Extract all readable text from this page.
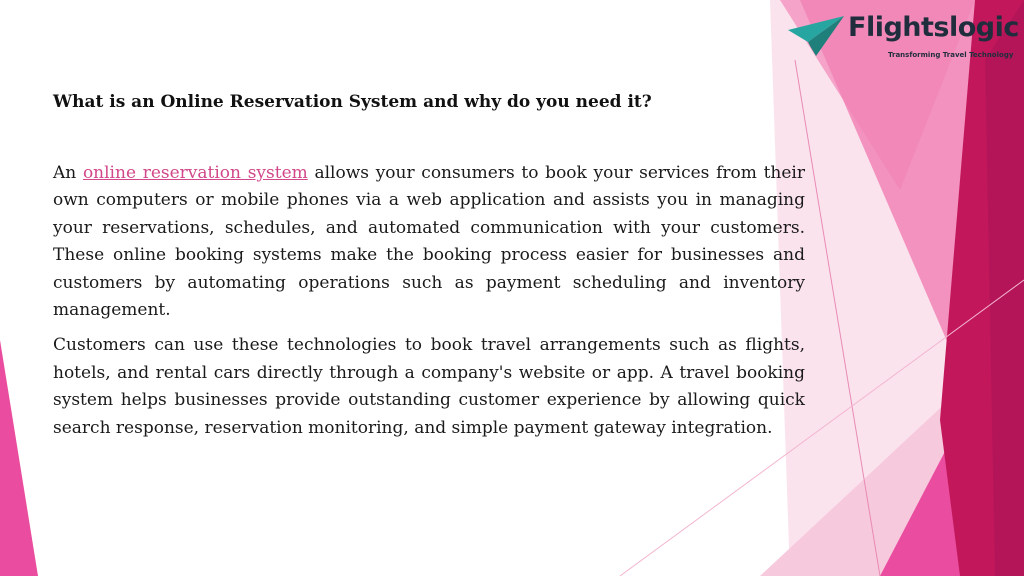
Flightslogic
Transforming Travel Technology
What is an Online Reservation System and why do you need it?

An online reservation system allows your consumers to book your services from their own computers or mobile phones via a web application and assists you in managing your reservations, schedules, and automated communication with your customers. These online booking systems make the booking process easier for businesses and customers by automating operations such as payment scheduling and inventory management.

Customers can use these technologies to book travel arrangements such as flights, hotels, and rental cars directly through a company's website or app. A travel booking system helps businesses provide outstanding customer experience by allowing quick search response, reservation monitoring, and simple payment gateway integration.
